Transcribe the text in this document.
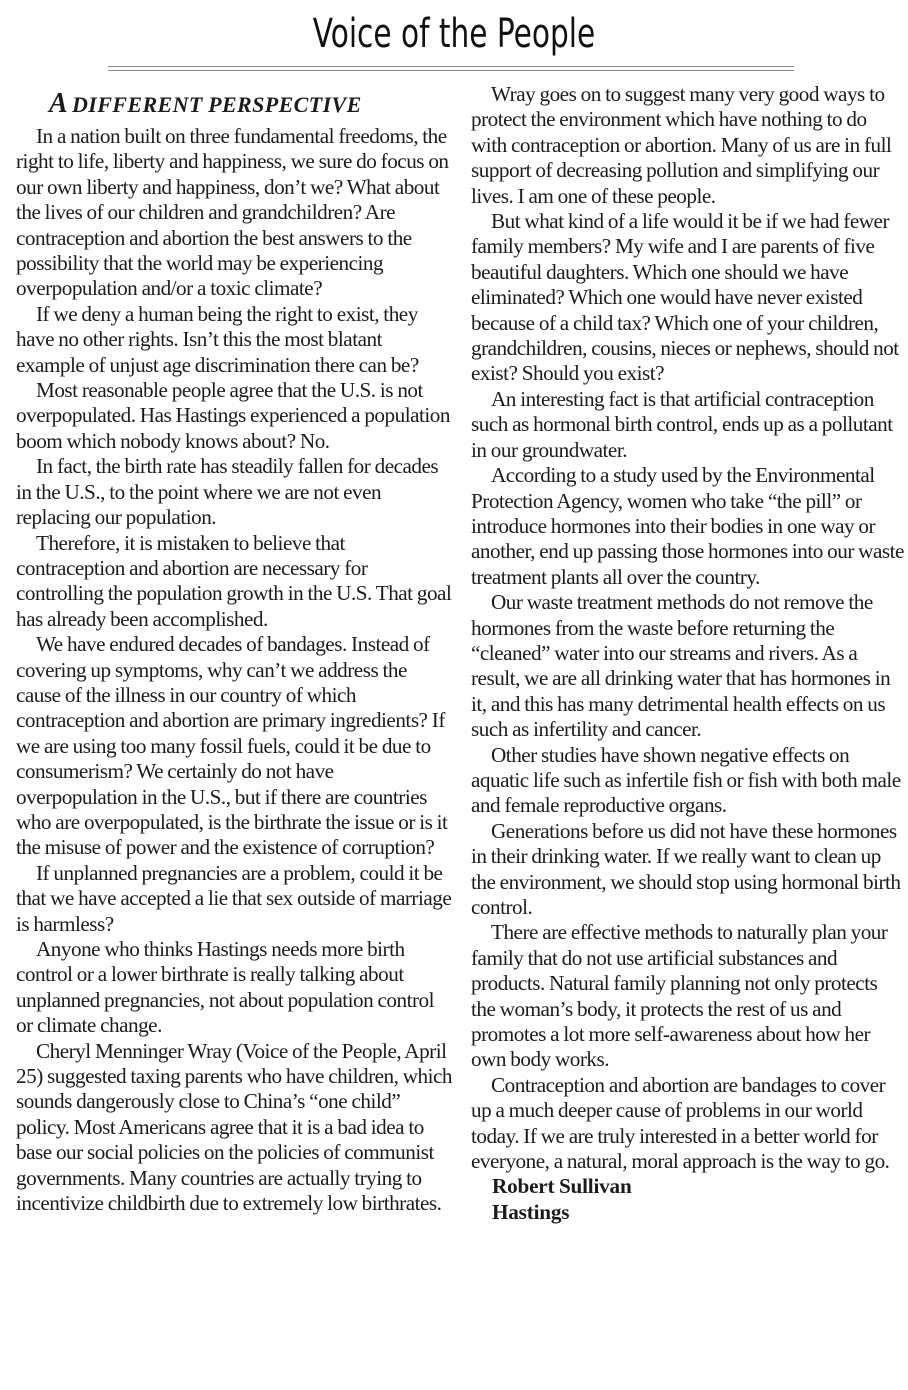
Voice of the People
A DIFFERENT PERSPECTIVE

In a nation built on three fundamental freedoms, the right to life, liberty and happiness, we sure do focus on our own liberty and happiness, don’t we? What about the lives of our children and grandchildren? Are contraception and abortion the best answers to the possibility that the world may be experiencing overpopulation and/or a toxic climate?

If we deny a human being the right to exist, they have no other rights. Isn’t this the most blatant example of unjust age discrimination there can be?

Most reasonable people agree that the U.S. is not overpopulated. Has Hastings experienced a population boom which nobody knows about? No.

In fact, the birth rate has steadily fallen for decades in the U.S., to the point where we are not even replacing our population.

Therefore, it is mistaken to believe that contraception and abortion are necessary for controlling the population growth in the U.S. That goal has already been accomplished.

We have endured decades of bandages. Instead of covering up symptoms, why can’t we address the cause of the illness in our country of which contraception and abortion are primary ingredients? If we are using too many fossil fuels, could it be due to consumerism? We certainly do not have overpopulation in the U.S., but if there are countries who are overpopulated, is the birthrate the issue or is it the misuse of power and the existence of corruption?

If unplanned pregnancies are a problem, could it be that we have accepted a lie that sex outside of marriage is harmless?

Anyone who thinks Hastings needs more birth control or a lower birthrate is really talking about unplanned pregnancies, not about population control or climate change.

Cheryl Menninger Wray (Voice of the People, April 25) suggested taxing parents who have children, which sounds dangerously close to China’s “one child” policy. Most Americans agree that it is a bad idea to base our social policies on the policies of communist governments. Many countries are actually trying to incentivize childbirth due to extremely low birthrates.

Wray goes on to suggest many very good ways to protect the environment which have nothing to do with contraception or abortion. Many of us are in full support of decreasing pollution and simplifying our lives. I am one of these people.

But what kind of a life would it be if we had fewer family members? My wife and I are parents of five beautiful daughters. Which one should we have eliminated? Which one would have never existed because of a child tax? Which one of your children, grandchildren, cousins, nieces or nephews, should not exist? Should you exist?

An interesting fact is that artificial contraception such as hormonal birth control, ends up as a pollutant in our groundwater.

According to a study used by the Environmental Protection Agency, women who take “the pill” or introduce hormones into their bodies in one way or another, end up passing those hormones into our waste treatment plants all over the country.

Our waste treatment methods do not remove the hormones from the waste before returning the “cleaned” water into our streams and rivers. As a result, we are all drinking water that has hormones in it, and this has many detrimental health effects on us such as infertility and cancer.

Other studies have shown negative effects on aquatic life such as infertile fish or fish with both male and female reproductive organs.

Generations before us did not have these hormones in their drinking water. If we really want to clean up the environment, we should stop using hormonal birth control.

There are effective methods to naturally plan your family that do not use artificial substances and products. Natural family planning not only protects the woman’s body, it protects the rest of us and promotes a lot more self-awareness about how her own body works.

Contraception and abortion are bandages to cover up a much deeper cause of problems in our world today. If we are truly interested in a better world for everyone, a natural, moral approach is the way to go.

Robert Sullivan
Hastings
